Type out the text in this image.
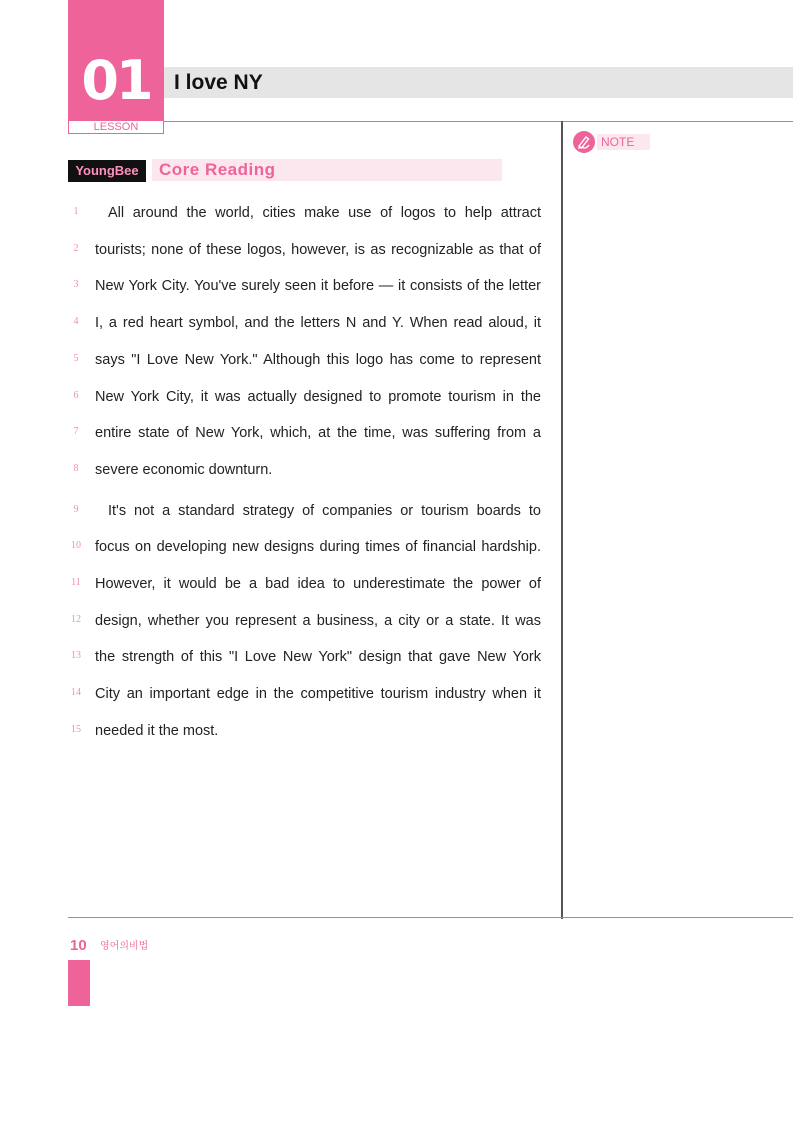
01
LESSON
I love NY
NOTE
YoungBee	Core Reading
1	All around the world, cities make use of logos to help attract
2	tourists; none of these logos, however, is as recognizable as that of
3	New York City. You've surely seen it before — it consists of the letter
4	I, a red heart symbol, and the letters N and Y. When read aloud, it
5	says "I Love New York." Although this logo has come to represent
6	New York City, it was actually designed to promote tourism in the
7	entire state of New York, which, at the time, was suffering from a
8	severe economic downturn.
9	It's not a standard strategy of companies or tourism boards to
10 focus on developing new designs during times of financial hardship.
11 However, it would be a bad idea to underestimate the power of
12 design, whether you represent a business, a city or a state. It was
13 the strength of this "I Love New York" design that gave New York
14 City an important edge in the competitive tourism industry when it
15 needed it the most.
10 영어의비법
